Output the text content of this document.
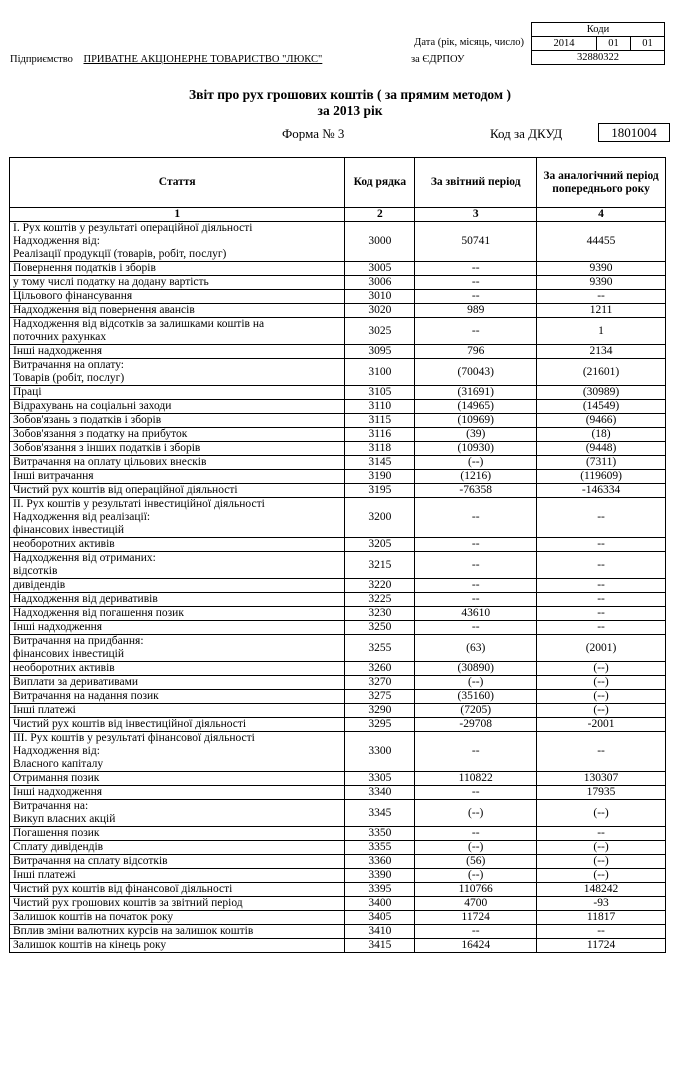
Коди
2014	01	01
32880322
Дата (рік, місяць, число)
за ЄДРПОУ
Підприємство ПРИВАТНЕ АКЦІОНЕРНЕ ТОВАРИСТВО "ЛЮКС"
Звіт про рух грошових коштів ( за прямим методом )
за 2013 рік
Форма № 3	Код за ДКУД	1801004
Стаття	Код рядка	За звітний період	За аналогічний період попереднього року
1	2	3	4

І. Рух коштів у результаті операційної діяльності
Надходження від:
Реалізації продукції (товарів, робіт, послуг)	3000	50741	44455

Повернення податків і зборів	3005	--	9390

у тому числі податку на додану вартість	3006	--	9390

Цільового фінансування	3010	--	--

Надходження від повернення авансів	3020	989	1211

Надходження від відсотків за залишками коштів на
поточних рахунках	3025	--	1

Інші надходження	3095	796	2134

Витрачання на оплату:
Товарів (робіт, послуг)	3100	(70043)	(21601)

Праці	3105	(31691)	(30989)

Відрахувань на соціальні заходи	3110	(14965)	(14549)

Зобов'язань з податків і зборів	3115	(10969)	(9466)

Зобов'язання з податку на прибуток	3116	(39)	(18)

Зобов'язання з інших податків і зборів	3118	(10930)	(9448)

Витрачання на оплату цільових внесків	3145	(--)	(7311)

Інші витрачання	3190	(1216)	(119609)

Чистий рух коштів від операційної діяльності	3195	-76358	-146334

II. Рух коштів у результаті інвестиційної діяльності
Надходження від реалізації:
фінансових інвестицій	3200	--	--

необоротних активів	3205	--	--

Надходження від отриманих:
відсотків	3215	--	--

дивідендів	3220	--	--

Надходження від деривативів	3225	--	--

Надходження від погашення позик	3230	43610	--

Інші надходження	3250	--	--

Витрачання на придбання:
фінансових інвестицій	3255	(63)	(2001)

необоротних активів	3260	(30890)	(--)

Виплати за деривативами	3270	(--)	(--)

Витрачання на надання позик	3275	(35160)	(--)

Інші платежі	3290	(7205)	(--)

Чистий рух коштів від інвестиційної діяльності	3295	-29708	-2001

III. Рух коштів у результаті фінансової діяльності
Надходження від:
Власного капіталу	3300	--	--

Отримання позик	3305	110822	130307

Інші надходження	3340	--	17935

Витрачання на:
Викуп власних акцій	3345	(--)	(--)

Погашення позик	3350	--	--

Сплату дивідендів	3355	(--)	(--)

Витрачання на сплату відсотків	3360	(56)	(--)

Інші платежі	3390	(--)	(--)

Чистий рух коштів від фінансової діяльності	3395	110766	148242

Чистий рух грошових коштів за звітний період	3400	4700	-93

Залишок коштів на початок року	3405	11724	11817

Вплив зміни валютних курсів на залишок коштів	3410	--	--

Залишок коштів на кінець року	3415	16424	11724
